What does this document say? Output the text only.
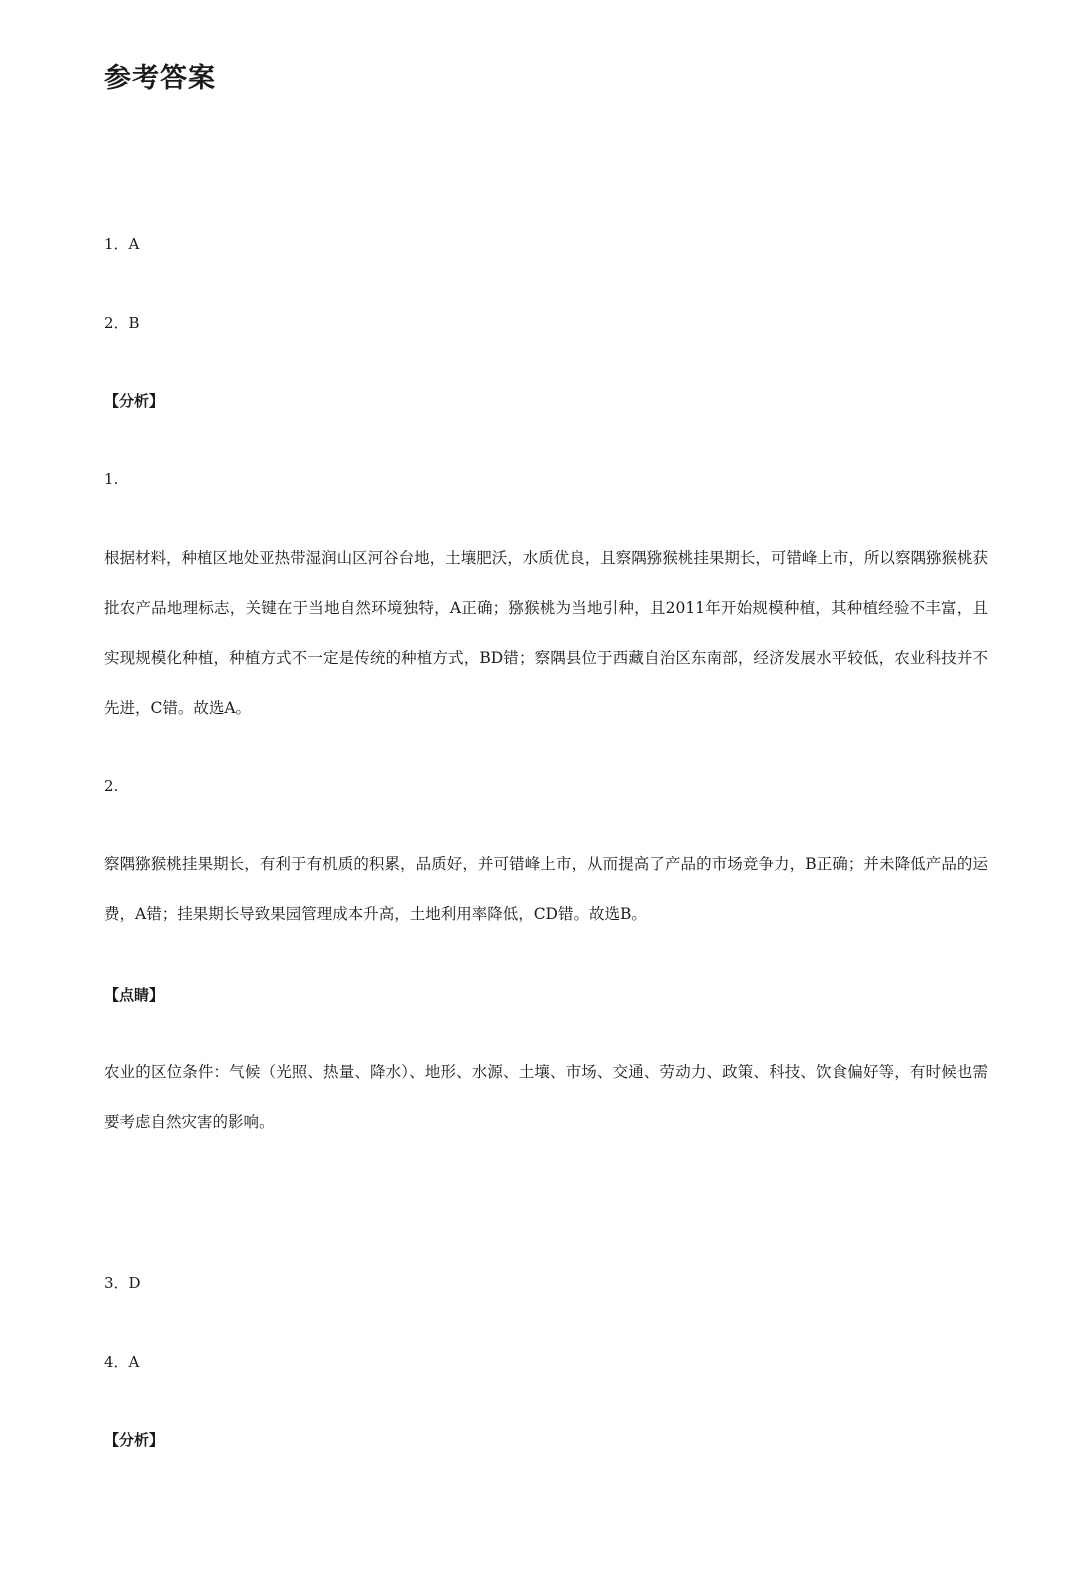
参考答案
1．A
2．B
【分析】
1.
根据材料，种植区地处亚热带湿润山区河谷台地，土壤肥沃，水质优良，且察隅猕猴桃挂果期长，可错峰上市，所以察隅猕猴桃获批农产品地理标志，关键在于当地自然环境独特，A正确；猕猴桃为当地引种，且2011年开始规模种植，其种植经验不丰富，且实现规模化种植，种植方式不一定是传统的种植方式，BD错；察隅县位于西藏自治区东南部，经济发展水平较低，农业科技并不先进，C错。故选A。
2.
察隅猕猴桃挂果期长，有利于有机质的积累，品质好，并可错峰上市，从而提高了产品的市场竞争力，B正确；并未降低产品的运费，A错；挂果期长导致果园管理成本升高，土地利用率降低，CD错。故选B。
【点睛】
农业的区位条件：气候（光照、热量、降水）、地形、水源、土壤、市场、交通、劳动力、政策、科技、饮食偏好等，有时候也需要考虑自然灾害的影响。
3．D
4．A
【分析】
